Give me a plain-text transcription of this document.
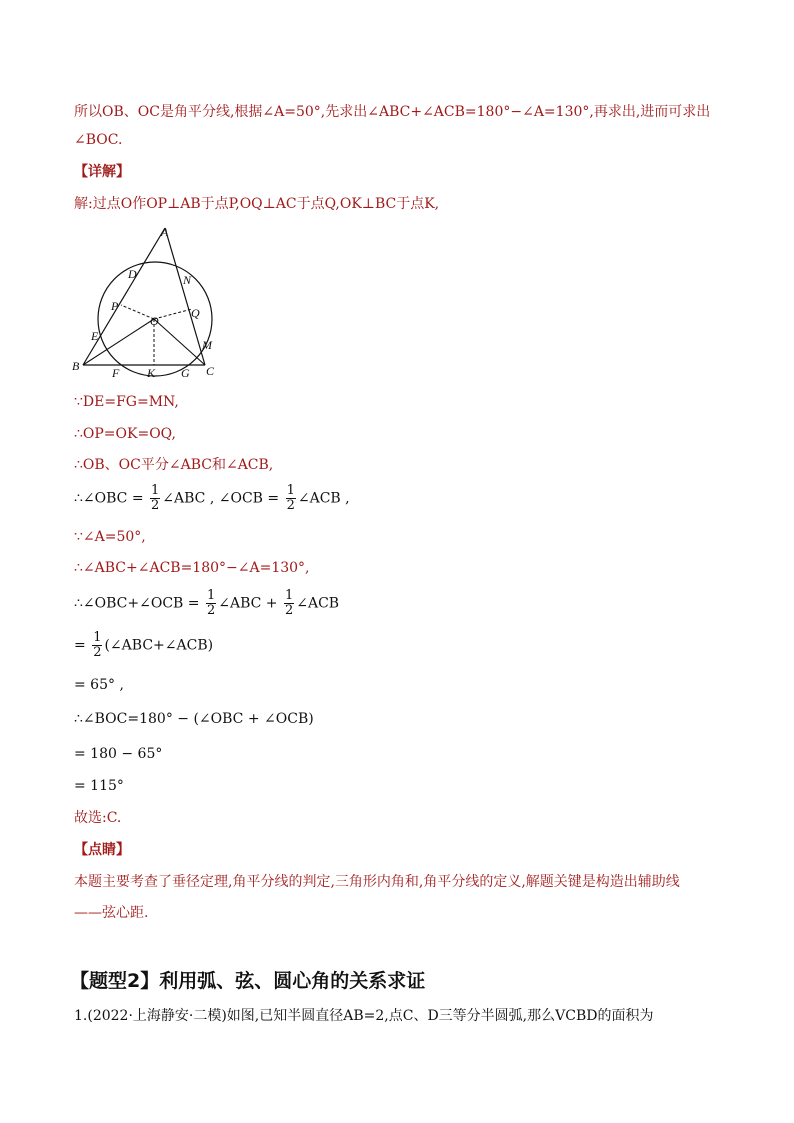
所以OB、OC是角平分线,根据∠A=50°,先求出∠ABC+∠ACB=180°−∠A=130°,再求出,进而可求出
∠BOC.
【详解】
解:过点O作OP⊥AB于点P,OQ⊥AC于点Q,OK⊥BC于点K,
A
D	N
P	Q
O
E
M
B	C
F K G
∵DE=FG=MN,
∴OP=OK=OQ,
∴OB、OC平分∠ABC和∠ACB,
∴∠OBC = $\frac{1}{2}$ ∠ABC , ∠OCB = $\frac{1}{2}$ ∠ACB ,
∵∠A=50°,
∴∠ABC+∠ACB=180°−∠A=130°,
∴∠OBC+∠OCB = $\frac{1}{2}$ ∠ABC + $\frac{1}{2}$ ∠ACB
= $\frac{1}{2}$ (∠ABC+∠ACB)
= 65° ,
∴∠BOC=180° − (∠OBC + ∠OCB)
= 180 − 65°
= 115°
故选:C.
【点睛】
本题主要考查了垂径定理,角平分线的判定,三角形内角和,角平分线的定义,解题关键是构造出辅助线
——弦心距.
【题型2】利用弧、弦、圆心角的关系求证
1.(2022·上海静安·二模)如图,已知半圆直径AB=2,点C、D三等分半圆弧,那么VCBD的面积为
